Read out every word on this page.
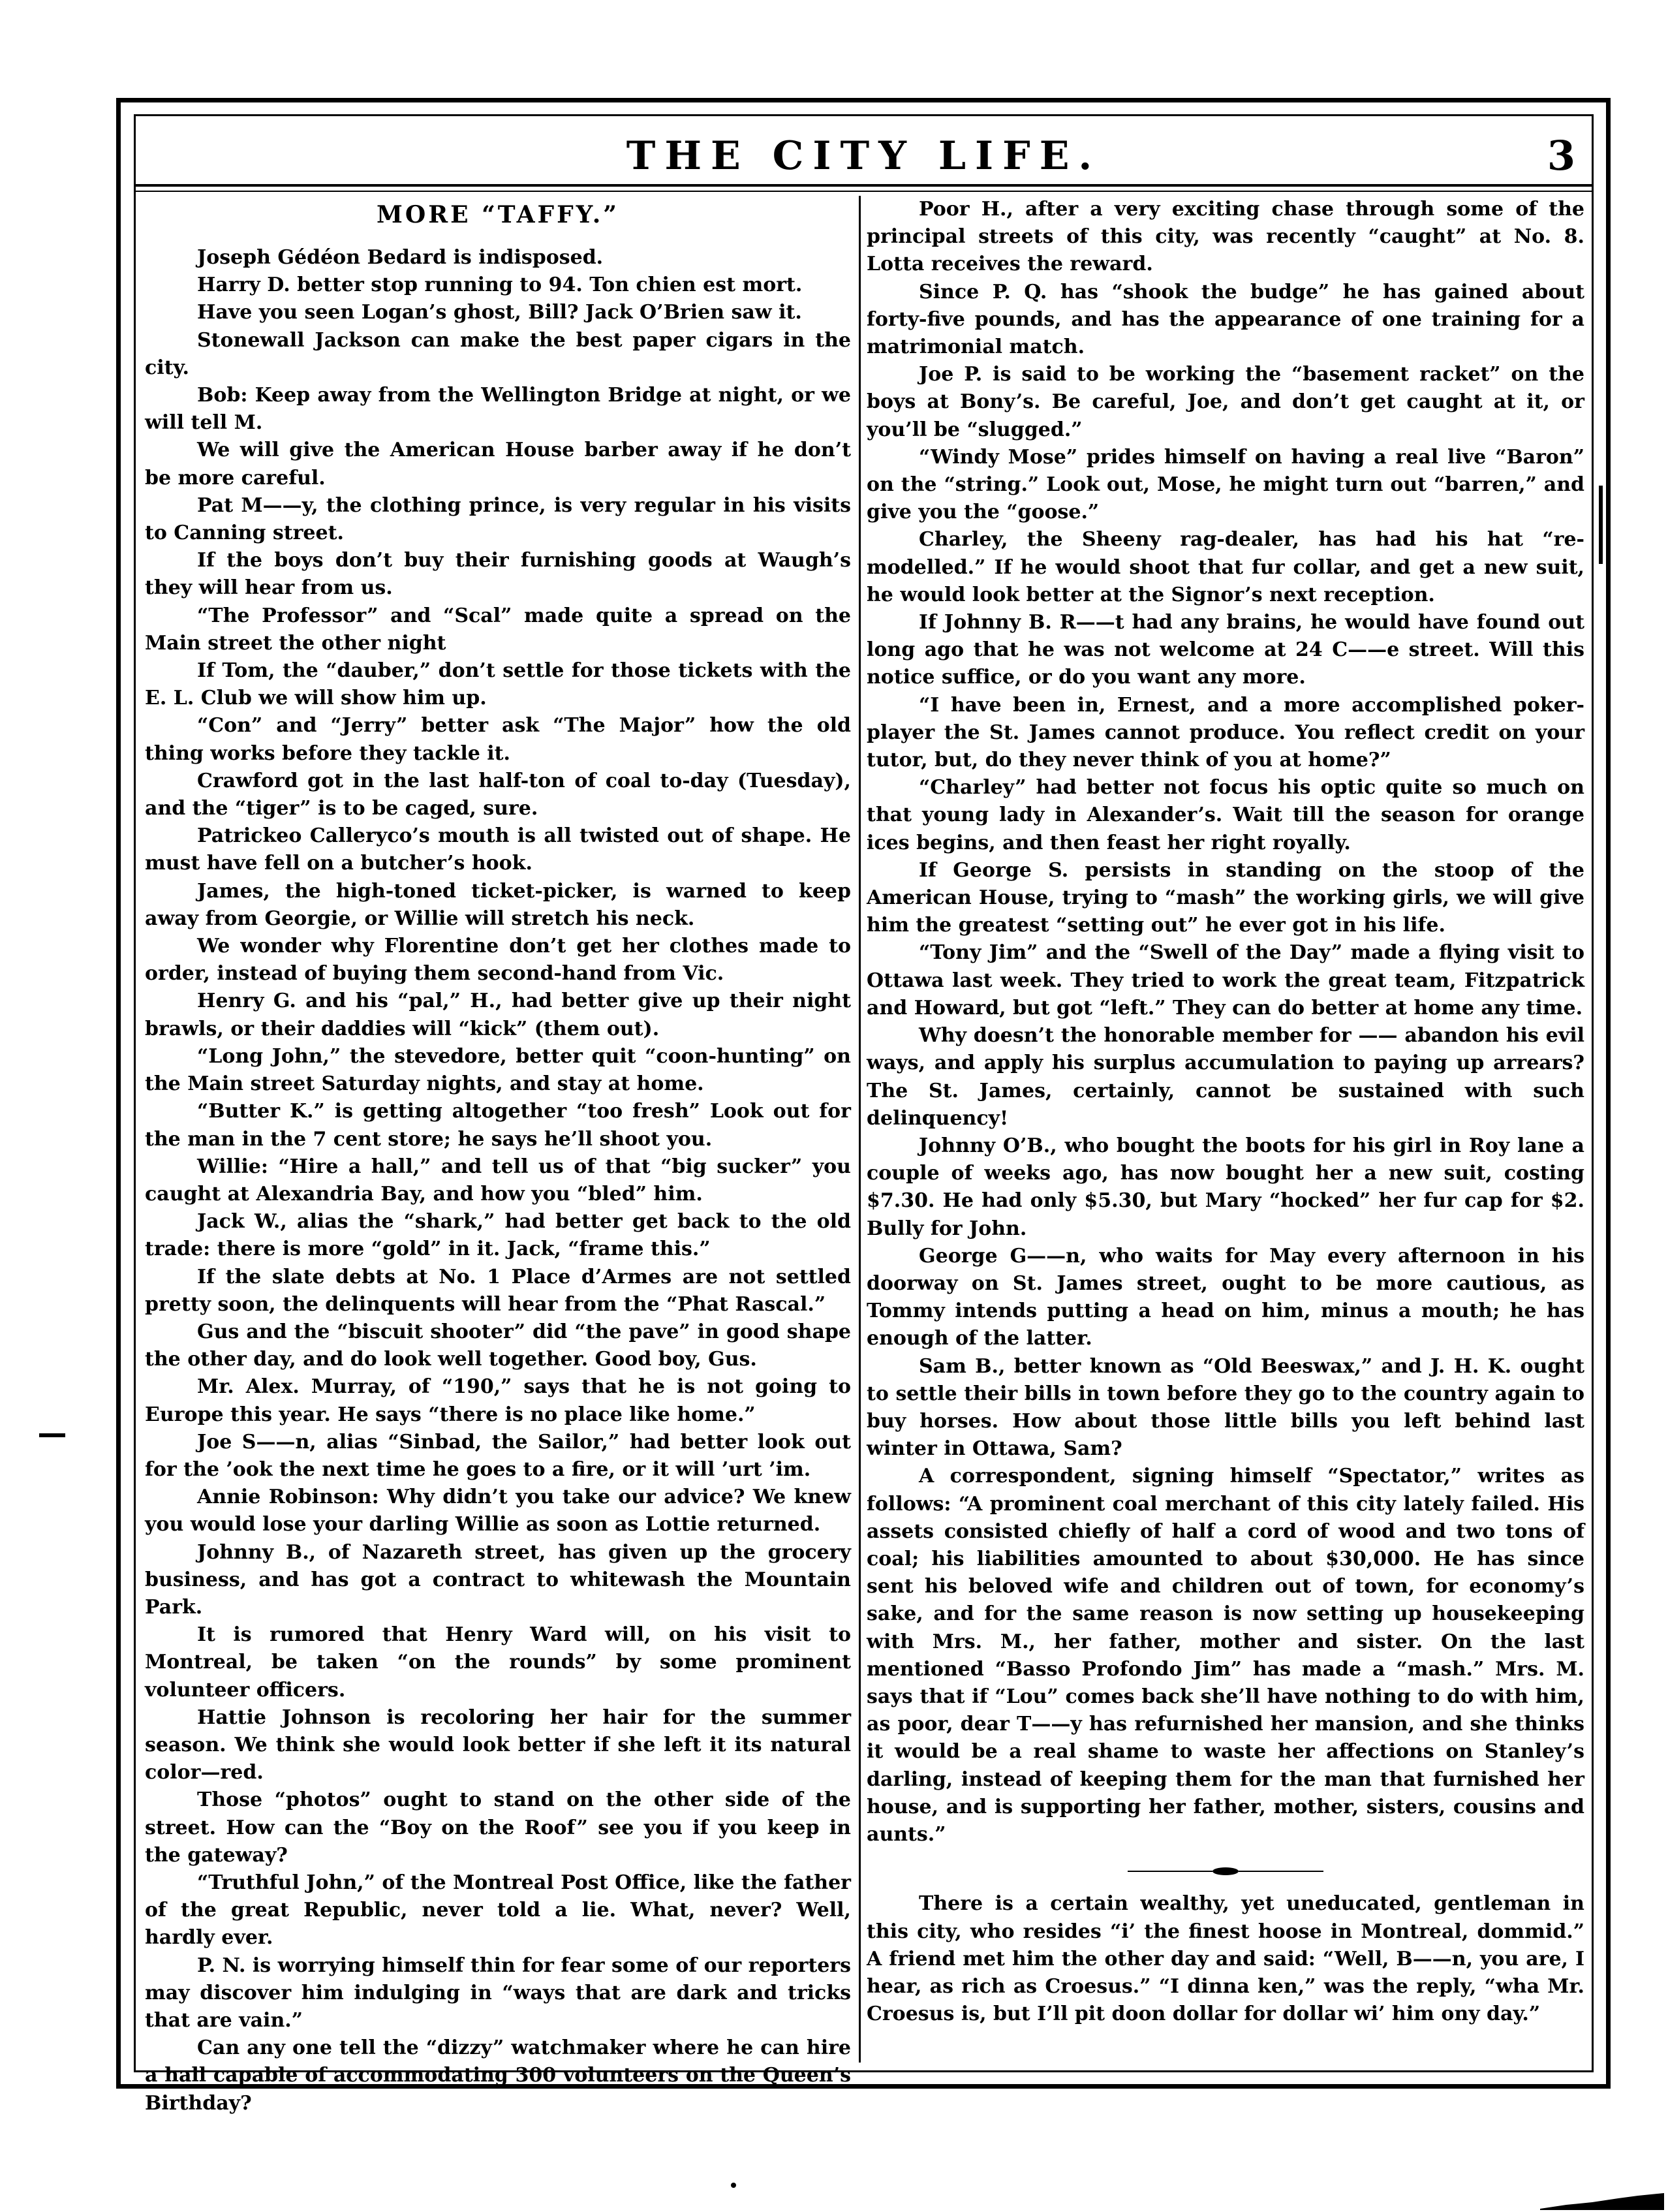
THE CITY LIFE.	3
MORE “TAFFY.”

Joseph Gédéon Bedard is indisposed.

Harry D. better stop running to 94. Ton chien est mort.

Have you seen Logan’s ghost, Bill? Jack O’Brien saw it.

Stonewall Jackson can make the best paper cigars in the city.

Bob: Keep away from the Wellington Bridge at night, or we will tell M.

We will give the American House barber away if he don’t be more careful.

Pat M——y, the clothing prince, is very regular in his visits to Canning street.

If the boys don’t buy their furnishing goods at Waugh’s they will hear from us.

“The Professor” and “Scal” made quite a spread on the Main street the other night

If Tom, the “dauber,” don’t settle for those tickets with the E. L. Club we will show him up.

“Con” and “Jerry” better ask “The Major” how the old thing works before they tackle it.

Crawford got in the last half-ton of coal to-day (Tuesday), and the “tiger” is to be caged, sure.

Patrickeo Calleryco’s mouth is all twisted out of shape. He must have fell on a butcher’s hook.

James, the high-toned ticket-picker, is warned to keep away from Georgie, or Willie will stretch his neck.

We wonder why Florentine don’t get her clothes made to order, instead of buying them second-hand from Vic.

Henry G. and his “pal,” H., had better give up their night brawls, or their daddies will “kick” (them out).

“Long John,” the stevedore, better quit “coon-hunting” on the Main street Saturday nights, and stay at home.

“Butter K.” is getting altogether “too fresh” Look out for the man in the 7 cent store; he says he’ll shoot you.

Willie: “Hire a hall,” and tell us of that “big sucker” you caught at Alexandria Bay, and how you “bled” him.

Jack W., alias the “shark,” had better get back to the old trade: there is more “gold” in it. Jack, “frame this.”

If the slate debts at No. 1 Place d’Armes are not settled pretty soon, the delinquents will hear from the “Phat Rascal.”

Gus and the “biscuit shooter” did “the pave” in good shape the other day, and do look well together. Good boy, Gus.

Mr. Alex. Murray, of “190,” says that he is not going to Europe this year. He says “there is no place like home.”

Joe S——n, alias “Sinbad, the Sailor,” had better look out for the ’ook the next time he goes to a fire, or it will ’urt ’im.

Annie Robinson: Why didn’t you take our advice? We knew you would lose your darling Willie as soon as Lottie returned.

Johnny B., of Nazareth street, has given up the grocery business, and has got a contract to whitewash the Mountain Park.

It is rumored that Henry Ward will, on his visit to Montreal, be taken “on the rounds” by some prominent volunteer officers.

Hattie Johnson is recoloring her hair for the summer season. We think she would look better if she left it its natural color—red.

Those “photos” ought to stand on the other side of the street. How can the “Boy on the Roof” see you if you keep in the gateway?

“Truthful John,” of the Montreal Post Office, like the father of the great Republic, never told a lie. What, never? Well, hardly ever.

P. N. is worrying himself thin for fear some of our reporters may discover him indulging in “ways that are dark and tricks that are vain.”

Can any one tell the “dizzy” watchmaker where he can hire a hall capable of accommodating 300 volunteers on the Queen’s Birthday?

Poor H., after a very exciting chase through some of the principal streets of this city, was recently “caught” at No. 8. Lotta receives the reward.

Since P. Q. has “shook the budge” he has gained about forty-five pounds, and has the appearance of one training for a matrimonial match.

Joe P. is said to be working the “basement racket” on the boys at Bony’s. Be careful, Joe, and don’t get caught at it, or you’ll be “slugged.”

“Windy Mose” prides himself on having a real live “Baron” on the “string.” Look out, Mose, he might turn out “barren,” and give you the “goose.”

Charley, the Sheeny rag-dealer, has had his hat “re-modelled.” If he would shoot that fur collar, and get a new suit, he would look better at the Signor’s next reception.

If Johnny B. R——t had any brains, he would have found out long ago that he was not welcome at 24 C——e street. Will this notice suffice, or do you want any more.

“I have been in, Ernest, and a more accomplished poker-player the St. James cannot produce. You reflect credit on your tutor, but, do they never think of you at home?”

“Charley” had better not focus his optic quite so much on that young lady in Alexander’s. Wait till the season for orange ices begins, and then feast her right royally.

If George S. persists in standing on the stoop of the American House, trying to “mash” the working girls, we will give him the greatest “setting out” he ever got in his life.

“Tony Jim” and the “Swell of the Day” made a flying visit to Ottawa last week. They tried to work the great team, Fitzpatrick and Howard, but got “left.” They can do better at home any time.

Why doesn’t the honorable member for —— abandon his evil ways, and apply his surplus accumulation to paying up arrears? The St. James, certainly, cannot be sustained with such delinquency!

Johnny O’B., who bought the boots for his girl in Roy lane a couple of weeks ago, has now bought her a new suit, costing $7.30. He had only $5.30, but Mary “hocked” her fur cap for $2. Bully for John.

George G——n, who waits for May every afternoon in his doorway on St. James street, ought to be more cautious, as Tommy intends putting a head on him, minus a mouth; he has enough of the latter.

Sam B., better known as “Old Beeswax,” and J. H. K. ought to settle their bills in town before they go to the country again to buy horses. How about those little bills you left behind last winter in Ottawa, Sam?

A correspondent, signing himself “Spectator,” writes as follows: “A prominent coal merchant of this city lately failed. His assets consisted chiefly of half a cord of wood and two tons of coal; his liabilities amounted to about $30,000. He has since sent his beloved wife and children out of town, for economy’s sake, and for the same reason is now setting up housekeeping with Mrs. M., her father, mother and sister. On the last mentioned “Basso Profondo Jim” has made a “mash.” Mrs. M. says that if “Lou” comes back she’ll have nothing to do with him, as poor, dear T——y has refurnished her mansion, and she thinks it would be a real shame to waste her affections on Stanley’s darling, instead of keeping them for the man that furnished her house, and is supporting her father, mother, sisters, cousins and aunts.”

There is a certain wealthy, yet uneducated, gentleman in this city, who resides “i’ the finest hoose in Montreal, dommid.” A friend met him the other day and said: “Well, B——n, you are, I hear, as rich as Croesus.” “I dinna ken,” was the reply, “wha Mr. Croesus is, but I’ll pit doon dollar for dollar wi’ him ony day.”
